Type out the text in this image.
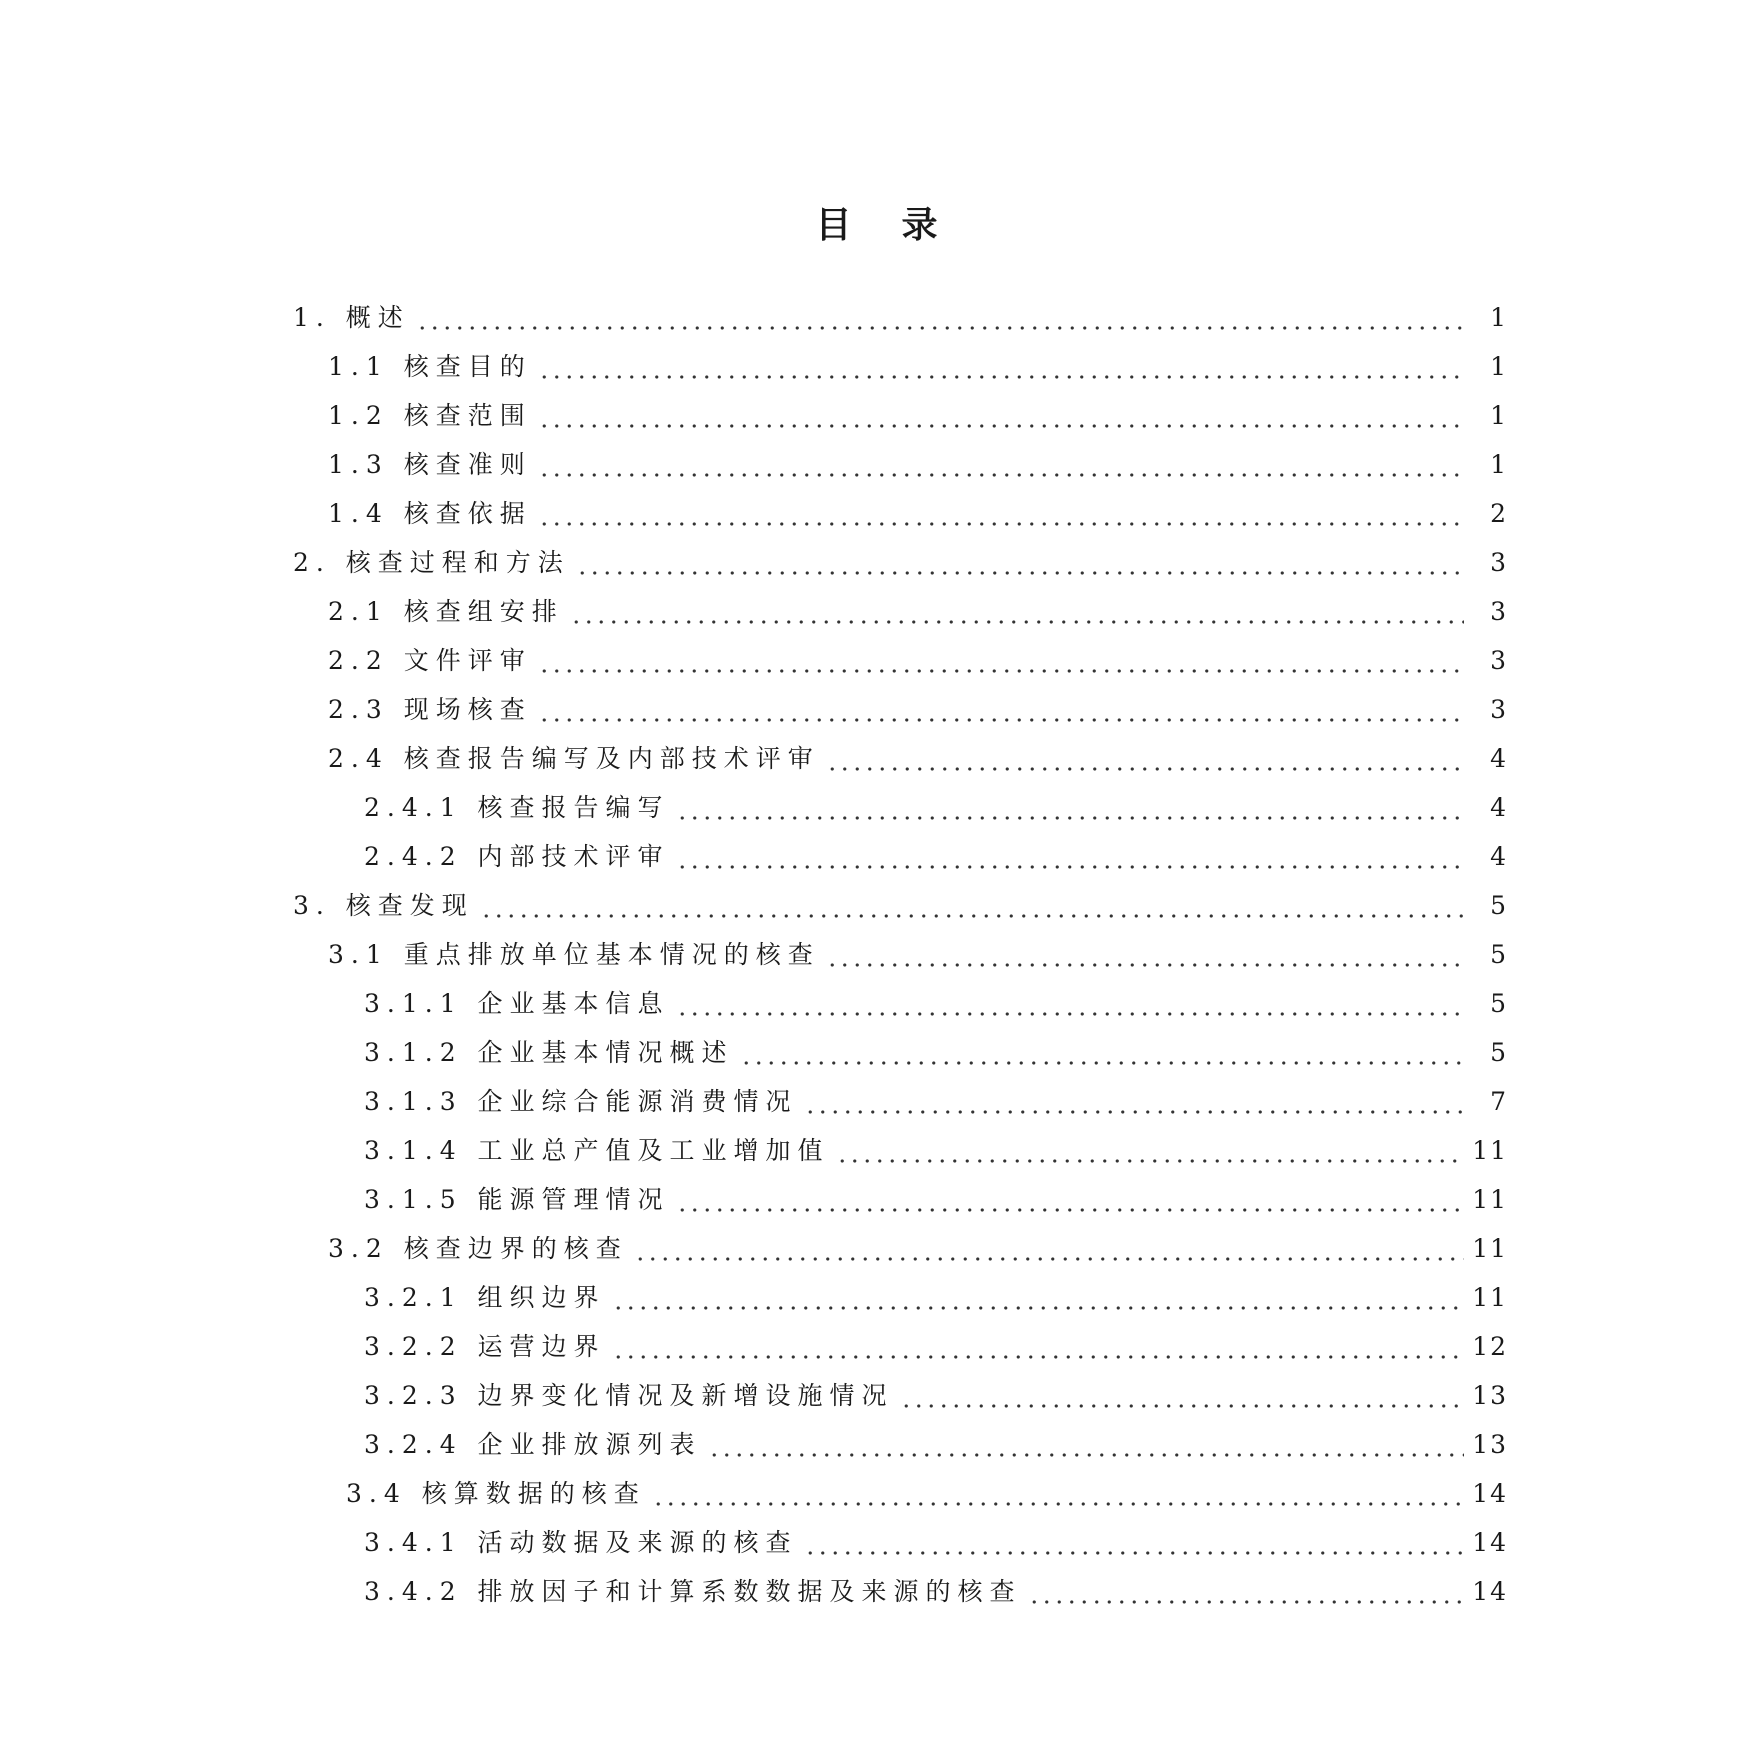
目录
1. 概述	1
1.1 核查目的	1
1.2 核查范围	1
1.3 核查准则	1
1.4 核查依据	2
2. 核查过程和方法	3
2.1 核查组安排	3
2.2 文件评审	3
2.3 现场核查	3
2.4 核查报告编写及内部技术评审	4
2.4.1 核查报告编写	4
2.4.2 内部技术评审	4
3. 核查发现	5
3.1 重点排放单位基本情况的核查	5
3.1.1 企业基本信息	5
3.1.2 企业基本情况概述	5
3.1.3 企业综合能源消费情况	7
3.1.4 工业总产值及工业增加值	11
3.1.5 能源管理情况	11
3.2 核查边界的核查	11
3.2.1 组织边界	11
3.2.2 运营边界	12
3.2.3 边界变化情况及新增设施情况	13
3.2.4 企业排放源列表	13
3.4 核算数据的核查	14
3.4.1 活动数据及来源的核查	14
3.4.2 排放因子和计算系数数据及来源的核查	14
